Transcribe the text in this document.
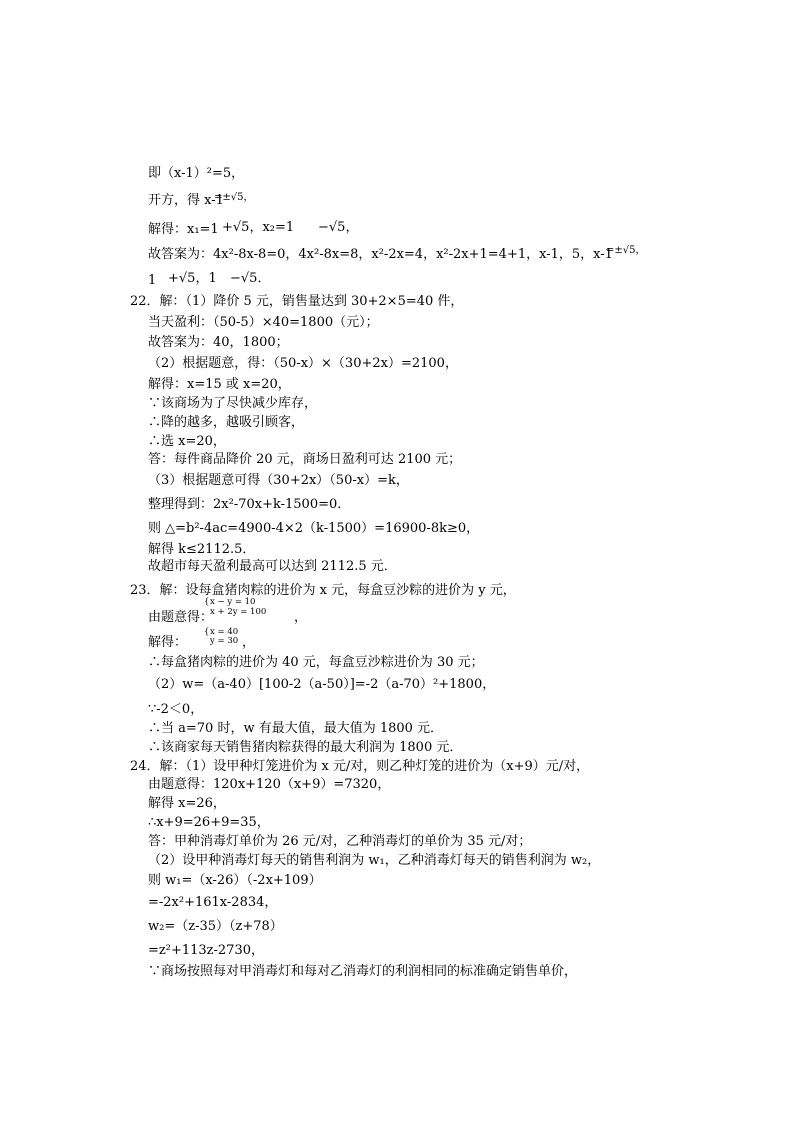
即（x-1）²=5，
开方，得 x-1
=±√5，
解得：x₁=1 +√5，x₂=1 −√5，
故答案为：4x²-8x-8=0，4x²-8x=8，x²-2x=4，x²-2x+1=4+1，x-1，5，x-1
=±√5，
1 +√5，1 −√5．
22．解：（1）降价 5 元，销售量达到 30+2×5=40 件，
当天盈利：（50-5）×40=1800（元）；
故答案为：40，1800；
（2）根据题意，得：（50-x）×（30+2x）=2100，
解得：x=15 或 x=20，
∵该商场为了尽快减少库存，
∴降的越多，越吸引顾客，
∴选 x=20，
答：每件商品降价 20 元，商场日盈利可达 2100 元；
（3）根据题意可得（30+2x）（50-x）=k，
整理得到：2x²-70x+k-1500=0．
则 △=b²-4ac=4900-4×2（k-1500）=16900-8k≥0，
解得 k≤2112.5．
故超市每天盈利最高可以达到 2112.5 元．
23．解：设每盒猪肉粽的进价为 x 元，每盒豆沙粽的进价为 y 元，
由题意得：
{ x − y = 10
x + 2y = 100 ，
解得：
{ x = 40
y = 30 ，
∴每盒猪肉粽的进价为 40 元，每盒豆沙粽进价为 30 元；
（2）w=（a-40）[100-2（a-50）]=-2（a-70）²+1800，
∵-2＜0，
∴当 a=70 时，w 有最大值，最大值为 1800 元．
∴该商家每天销售猪肉粽获得的最大利润为 1800 元．
24．解：（1）设甲种灯笼进价为 x 元/对，则乙种灯笼的进价为（x+9）元/对，
由题意得：120x+120（x+9）=7320，
解得 x=26，
∴x+9=26+9=35，
答：甲种消毒灯单价为 26 元/对，乙种消毒灯的单价为 35 元/对；
（2）设甲种消毒灯每天的销售利润为 w₁，乙种消毒灯每天的销售利润为 w₂，
则 w₁=（x-26）（-2x+109）
=-2x²+161x-2834，
w₂=（z-35）（z+78）
=z²+113z-2730，
∵商场按照每对甲消毒灯和每对乙消毒灯的利润相同的标准确定销售单价，
